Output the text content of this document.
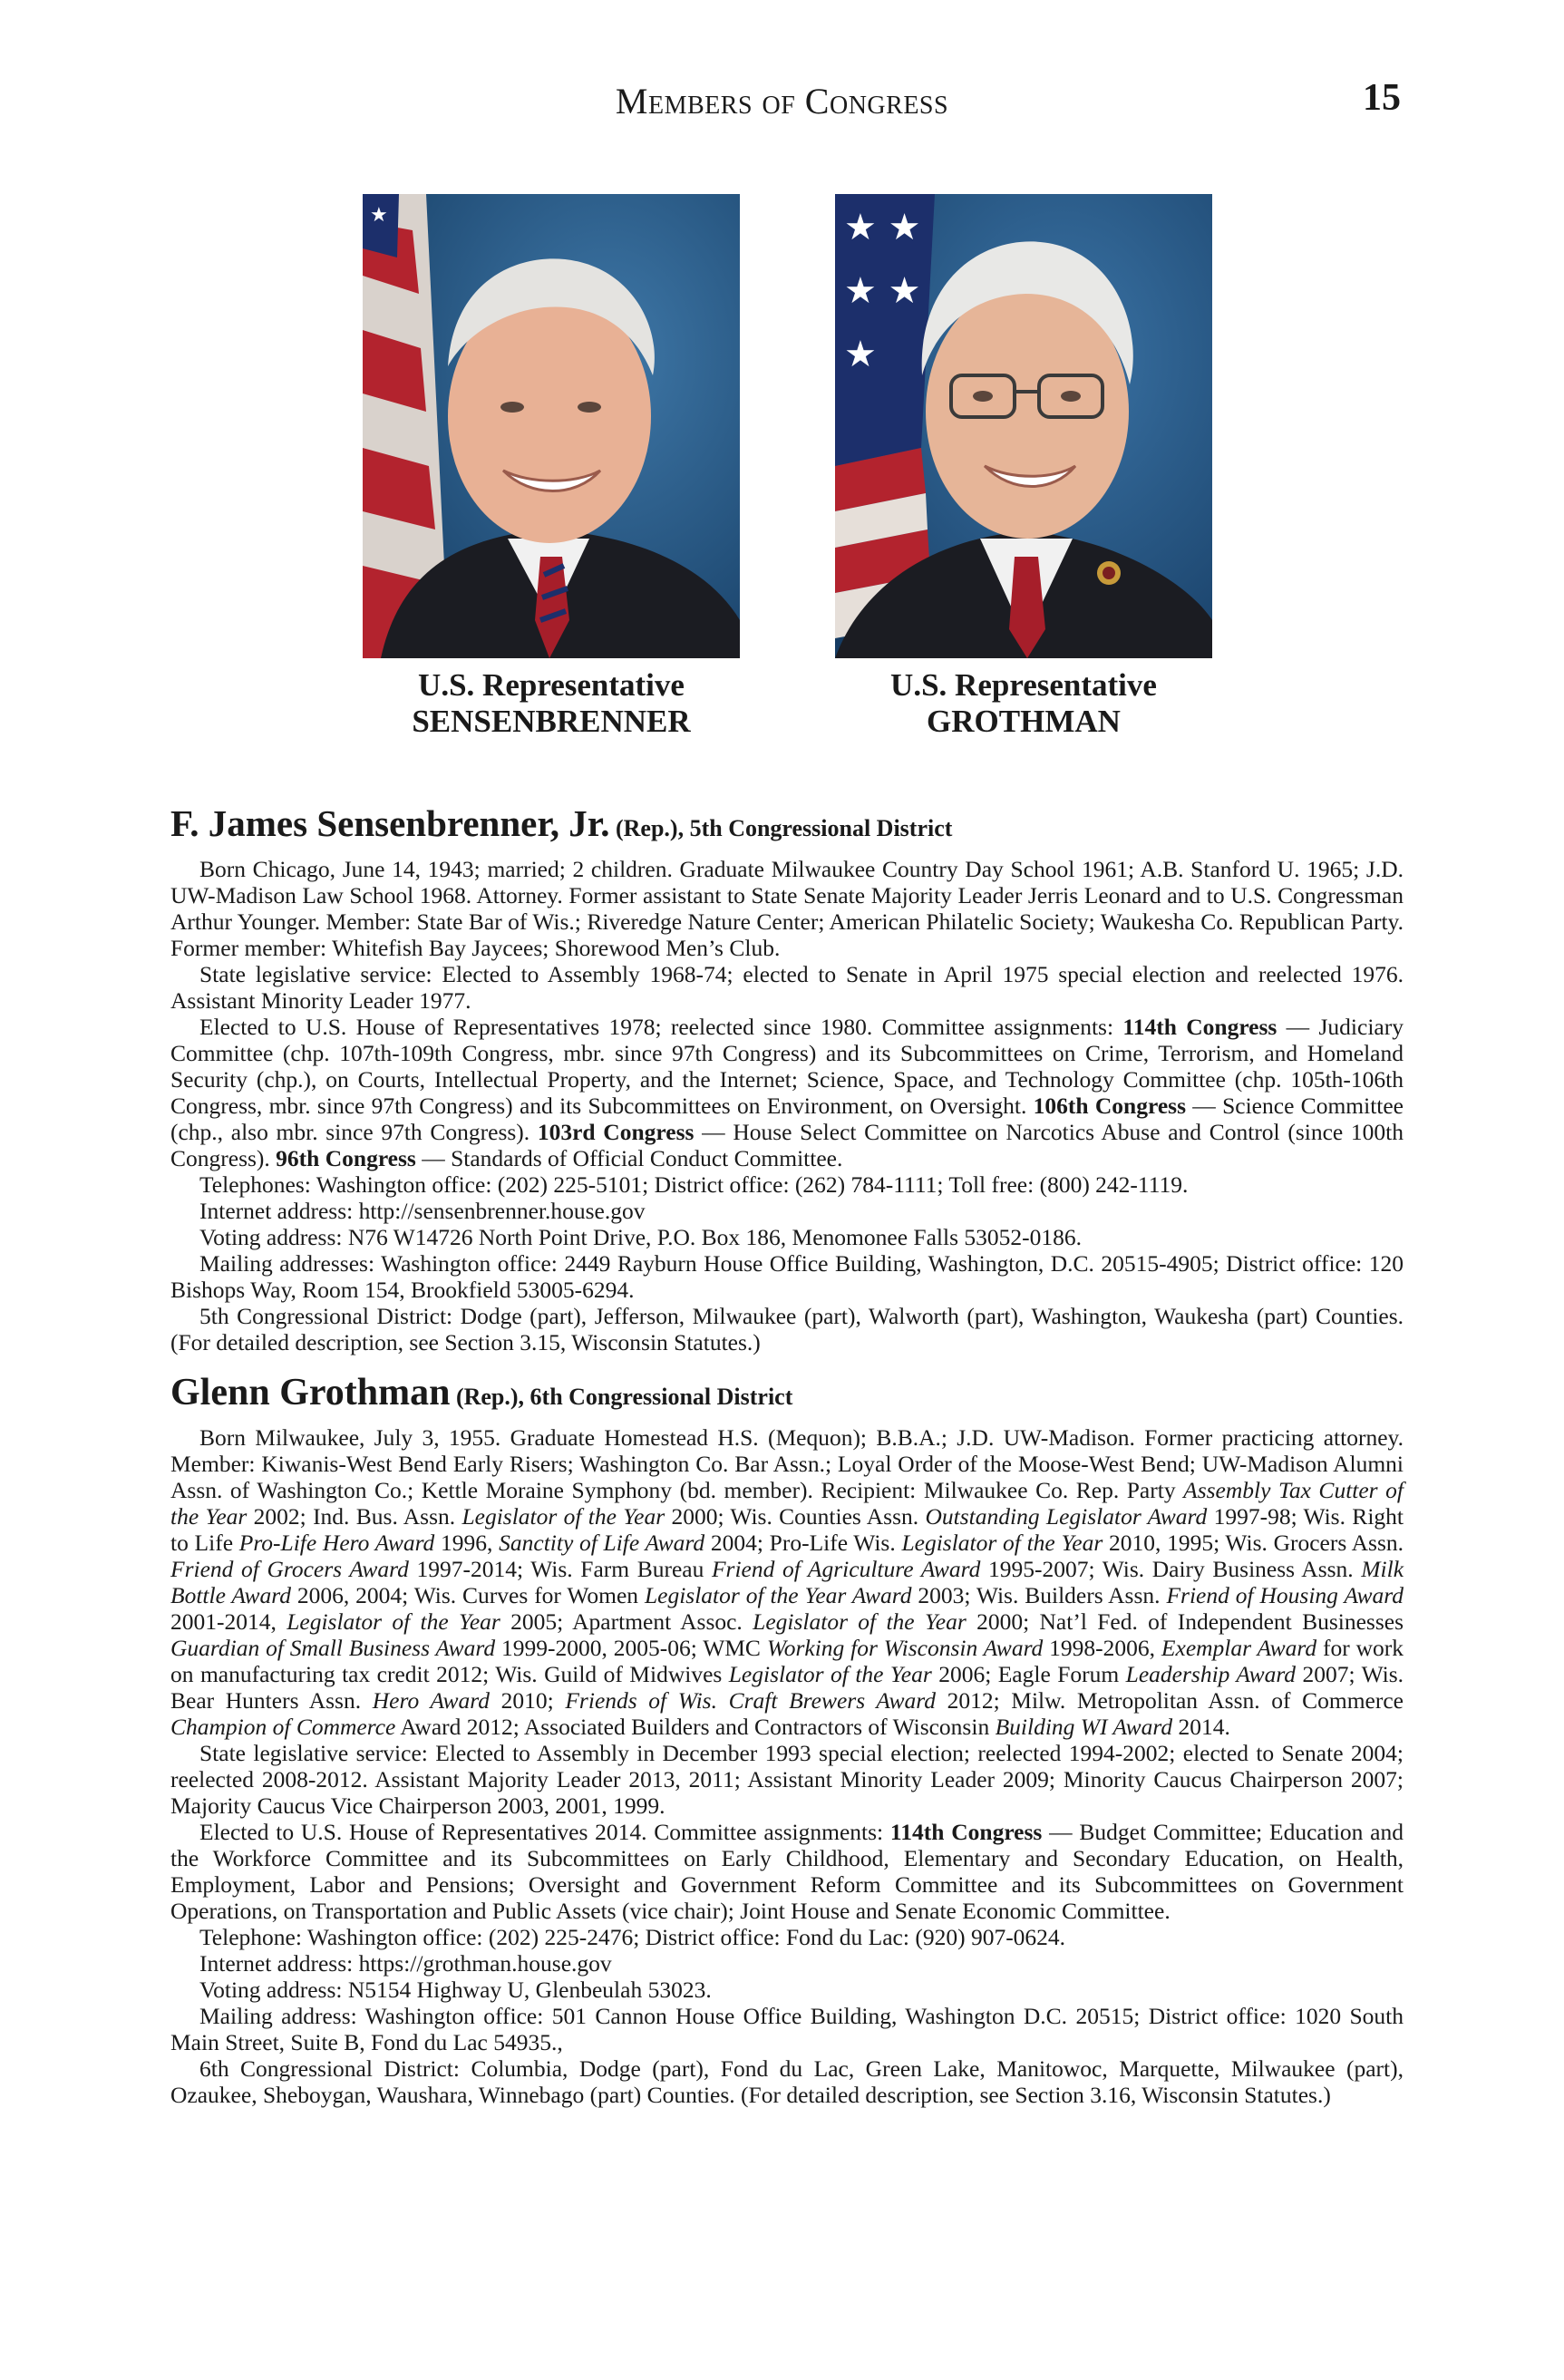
Members of Congress	15
★
U.S. Representative
SENSENBRENNER
★ ★
★ ★
★
U.S. Representative
GROTHMAN
F. James Sensenbrenner, Jr. (Rep.), 5th Congressional District

Born Chicago, June 14, 1943; married; 2 children. Graduate Milwaukee Country Day School 1961; A.B. Stanford U. 1965; J.D. UW-Madison Law School 1968. Attorney. Former assistant to State Senate Majority Leader Jerris Leonard and to U.S. Congressman Arthur Younger. Member: State Bar of Wis.; Riveredge Nature Center; American Philatelic Society; Waukesha Co. Republican Party. Former member: Whitefish Bay Jaycees; Shorewood Men’s Club.

State legislative service: Elected to Assembly 1968-74; elected to Senate in April 1975 special election and reelected 1976. Assistant Minority Leader 1977.

Elected to U.S. House of Representatives 1978; reelected since 1980. Committee assignments: 114th Congress — Judiciary Committee (chp. 107th-109th Congress, mbr. since 97th Congress) and its Subcommittees on Crime, Terrorism, and Homeland Security (chp.), on Courts, Intellectual Property, and the Internet; Science, Space, and Technology Committee (chp. 105th-106th Congress, mbr. since 97th Congress) and its Subcommittees on Environment, on Oversight. 106th Congress — Science Committee (chp., also mbr. since 97th Congress). 103rd Congress — House Select Committee on Narcotics Abuse and Control (since 100th Congress). 96th Congress — Standards of Official Conduct Committee.

Telephones: Washington office: (202) 225-5101; District office: (262) 784-1111; Toll free: (800) 242-1119.

Internet address: http://sensenbrenner.house.gov

Voting address: N76 W14726 North Point Drive, P.O. Box 186, Menomonee Falls 53052-0186.

Mailing addresses: Washington office: 2449 Rayburn House Office Building, Washington, D.C. 20515-4905; District office: 120 Bishops Way, Room 154, Brookfield 53005-6294.

5th Congressional District: Dodge (part), Jefferson, Milwaukee (part), Walworth (part), Washington, Waukesha (part) Counties. (For detailed description, see Section 3.15, Wisconsin Statutes.)

Glenn Grothman (Rep.), 6th Congressional District

Born Milwaukee, July 3, 1955. Graduate Homestead H.S. (Mequon); B.B.A.; J.D. UW-Madison. Former practicing attorney. Member: Kiwanis-West Bend Early Risers; Washington Co. Bar Assn.; Loyal Order of the Moose-West Bend; UW-Madison Alumni Assn. of Washington Co.; Kettle Moraine Symphony (bd. member). Recipient: Milwaukee Co. Rep. Party Assembly Tax Cutter of the Year 2002; Ind. Bus. Assn. Legislator of the Year 2000; Wis. Counties Assn. Outstanding Legislator Award 1997-98; Wis. Right to Life Pro-Life Hero Award 1996, Sanctity of Life Award 2004; Pro-Life Wis. Legislator of the Year 2010, 1995; Wis. Grocers Assn. Friend of Grocers Award 1997-2014; Wis. Farm Bureau Friend of Agriculture Award 1995-2007; Wis. Dairy Business Assn. Milk Bottle Award 2006, 2004; Wis. Curves for Women Legislator of the Year Award 2003; Wis. Builders Assn. Friend of Housing Award 2001-2014, Legislator of the Year 2005; Apartment Assoc. Legislator of the Year 2000; Nat’l Fed. of Independent Businesses Guardian of Small Business Award 1999-2000, 2005-06; WMC Working for Wisconsin Award 1998-2006, Exemplar Award for work on manufacturing tax credit 2012; Wis. Guild of Midwives Legislator of the Year 2006; Eagle Forum Leadership Award 2007; Wis. Bear Hunters Assn. Hero Award 2010; Friends of Wis. Craft Brewers Award 2012; Milw. Metropolitan Assn. of Commerce Champion of Commerce Award 2012; Associated Builders and Contractors of Wisconsin Building WI Award 2014.

State legislative service: Elected to Assembly in December 1993 special election; reelected 1994-2002; elected to Senate 2004; reelected 2008-2012. Assistant Majority Leader 2013, 2011; Assistant Minority Leader 2009; Minority Caucus Chairperson 2007; Majority Caucus Vice Chairperson 2003, 2001, 1999.

Elected to U.S. House of Representatives 2014. Committee assignments: 114th Congress — Budget Committee; Education and the Workforce Committee and its Subcommittees on Early Childhood, Elementary and Secondary Education, on Health, Employment, Labor and Pensions; Oversight and Government Reform Committee and its Subcommittees on Government Operations, on Transportation and Public Assets (vice chair); Joint House and Senate Economic Committee.

Telephone: Washington office: (202) 225-2476; District office: Fond du Lac: (920) 907-0624.

Internet address: https://grothman.house.gov

Voting address: N5154 Highway U, Glenbeulah 53023.

Mailing address: Washington office: 501 Cannon House Office Building, Washington D.C. 20515; District office: 1020 South Main Street, Suite B, Fond du Lac 54935.,

6th Congressional District: Columbia, Dodge (part), Fond du Lac, Green Lake, Manitowoc, Marquette, Milwaukee (part), Ozaukee, Sheboygan, Waushara, Winnebago (part) Counties. (For detailed description, see Section 3.16, Wisconsin Statutes.)
